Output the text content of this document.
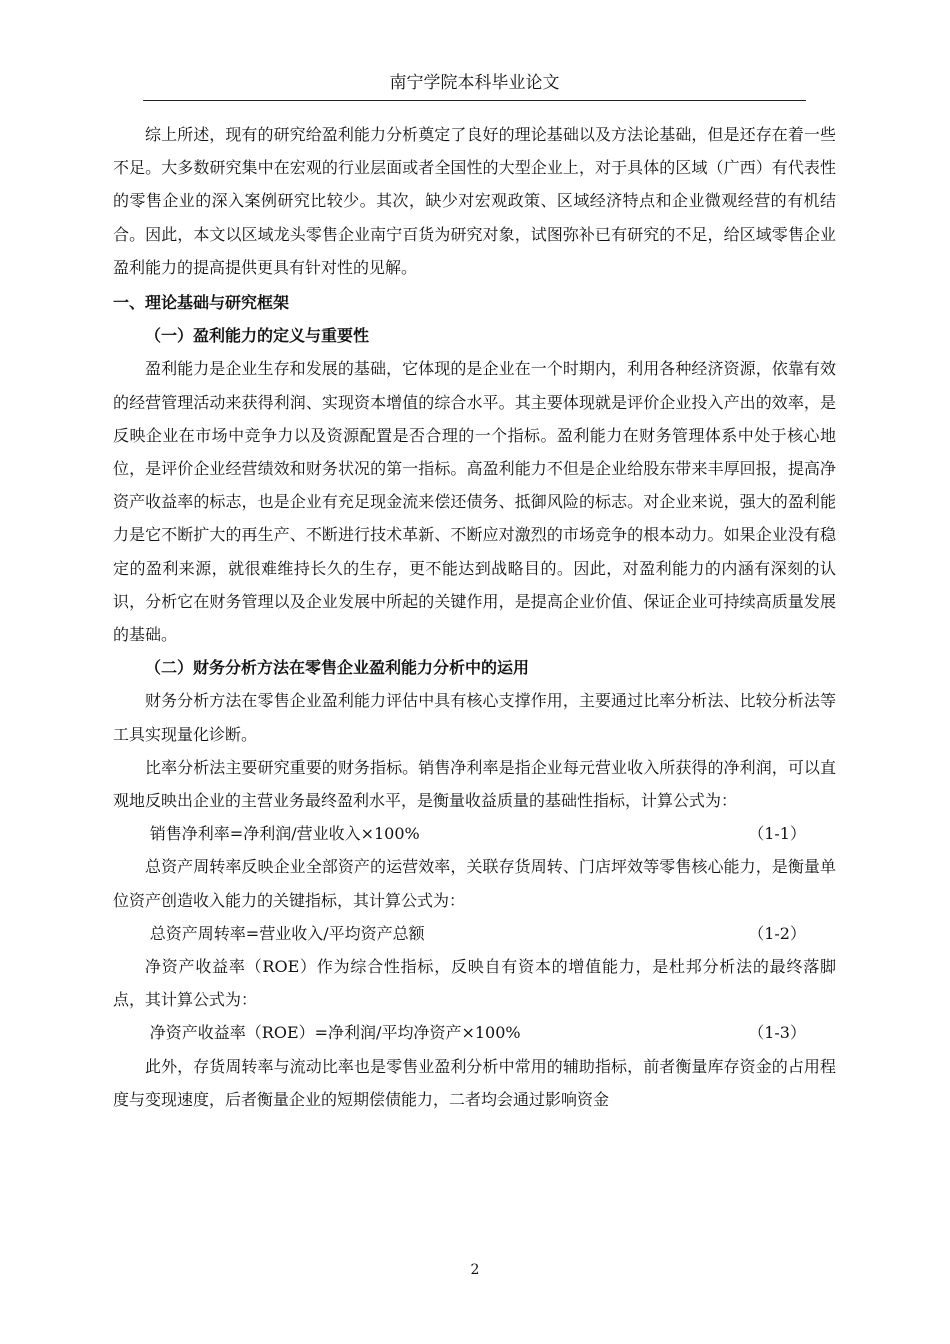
南宁学院本科毕业论文

综上所述，现有的研究给盈利能力分析奠定了良好的理论基础以及方法论基础，但是还存在着一些不足。大多数研究集中在宏观的行业层面或者全国性的大型企业上，对于具体的区域（广西）有代表性的零售企业的深入案例研究比较少。其次，缺少对宏观政策、区域经济特点和企业微观经营的有机结合。因此，本文以区域龙头零售企业南宁百货为研究对象，试图弥补已有研究的不足，给区域零售企业盈利能力的提高提供更具有针对性的见解。

一、理论基础与研究框架

（一）盈利能力的定义与重要性

盈利能力是企业生存和发展的基础，它体现的是企业在一个时期内，利用各种经济资源，依靠有效的经营管理活动来获得利润、实现资本增值的综合水平。其主要体现就是评价企业投入产出的效率，是反映企业在市场中竞争力以及资源配置是否合理的一个指标。盈利能力在财务管理体系中处于核心地位，是评价企业经营绩效和财务状况的第一指标。高盈利能力不但是企业给股东带来丰厚回报，提高净资产收益率的标志，也是企业有充足现金流来偿还债务、抵御风险的标志。对企业来说，强大的盈利能力是它不断扩大的再生产、不断进行技术革新、不断应对激烈的市场竞争的根本动力。如果企业没有稳定的盈利来源，就很难维持长久的生存，更不能达到战略目的。因此，对盈利能力的内涵有深刻的认识，分析它在财务管理以及企业发展中所起的关键作用，是提高企业价值、保证企业可持续高质量发展的基础。

（二）财务分析方法在零售企业盈利能力分析中的运用

财务分析方法在零售企业盈利能力评估中具有核心支撑作用，主要通过比率分析法、比较分析法等工具实现量化诊断。

比率分析法主要研究重要的财务指标。销售净利率是指企业每元营业收入所获得的净利润，可以直观地反映出企业的主营业务最终盈利水平，是衡量收益质量的基础性指标，计算公式为：

销售净利率=净利润/营业收入×100%	（1-1）

总资产周转率反映企业全部资产的运营效率，关联存货周转、门店坪效等零售核心能力，是衡量单位资产创造收入能力的关键指标，其计算公式为：

总资产周转率=营业收入/平均资产总额	（1-2）

净资产收益率（ROE）作为综合性指标，反映自有资本的增值能力，是杜邦分析法的最终落脚点，其计算公式为：

净资产收益率（ROE）=净利润/平均净资产×100%	（1-3）

此外，存货周转率与流动比率也是零售业盈利分析中常用的辅助指标，前者衡量库存资金的占用程度与变现速度，后者衡量企业的短期偿债能力，二者均会通过影响资金

2
